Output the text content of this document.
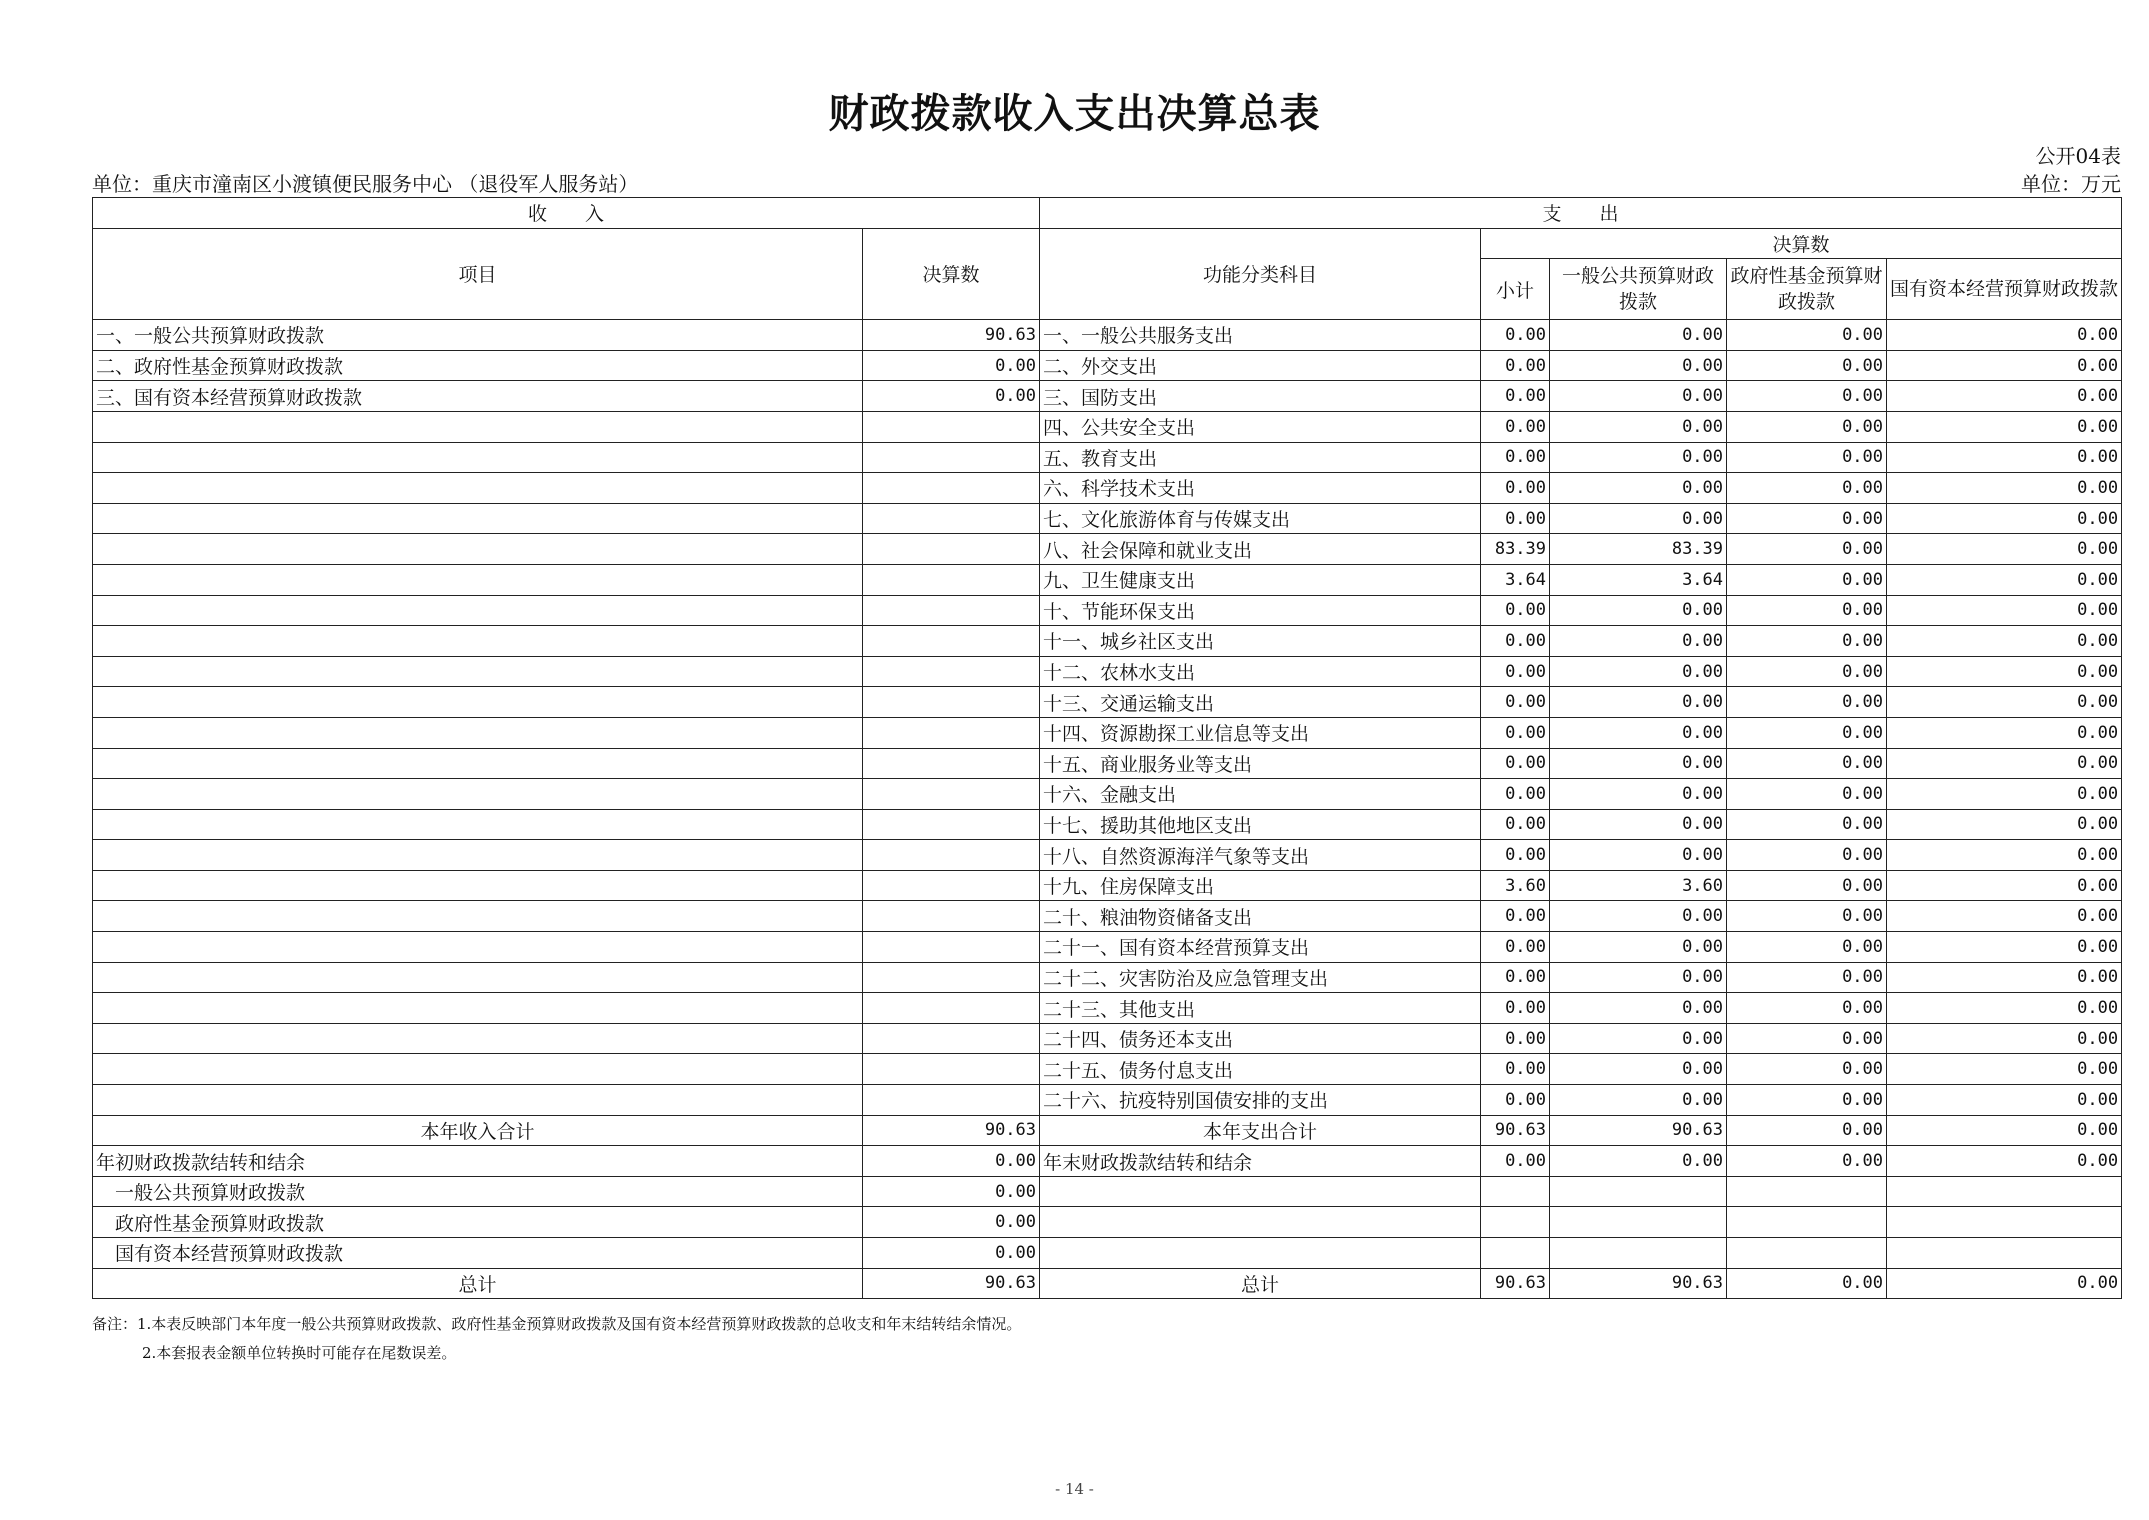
财政拨款收入支出决算总表
公开04表
单位：重庆市潼南区小渡镇便民服务中心 （退役军人服务站）	单位：万元
收　　入		支　　出				
项目	决算数	功能分类科目	决算数			
			小计	一般公共预算财政拨款	政府性基金预算财政拨款	国有资本经营预算财政拨款
一、一般公共预算财政拨款	90.63	一、一般公共服务支出	0.00	0.00	0.00	0.00
二、政府性基金预算财政拨款	0.00	二、外交支出	0.00	0.00	0.00	0.00
三、国有资本经营预算财政拨款	0.00	三、国防支出	0.00	0.00	0.00	0.00
		四、公共安全支出	0.00	0.00	0.00	0.00
		五、教育支出	0.00	0.00	0.00	0.00
		六、科学技术支出	0.00	0.00	0.00	0.00
		七、文化旅游体育与传媒支出	0.00	0.00	0.00	0.00
		八、社会保障和就业支出	83.39	83.39	0.00	0.00
		九、卫生健康支出	3.64	3.64	0.00	0.00
		十、节能环保支出	0.00	0.00	0.00	0.00
		十一、城乡社区支出	0.00	0.00	0.00	0.00
		十二、农林水支出	0.00	0.00	0.00	0.00
		十三、交通运输支出	0.00	0.00	0.00	0.00
		十四、资源勘探工业信息等支出	0.00	0.00	0.00	0.00
		十五、商业服务业等支出	0.00	0.00	0.00	0.00
		十六、金融支出	0.00	0.00	0.00	0.00
		十七、援助其他地区支出	0.00	0.00	0.00	0.00
		十八、自然资源海洋气象等支出	0.00	0.00	0.00	0.00
		十九、住房保障支出	3.60	3.60	0.00	0.00
		二十、粮油物资储备支出	0.00	0.00	0.00	0.00
		二十一、国有资本经营预算支出	0.00	0.00	0.00	0.00
		二十二、灾害防治及应急管理支出	0.00	0.00	0.00	0.00
		二十三、其他支出	0.00	0.00	0.00	0.00
		二十四、债务还本支出	0.00	0.00	0.00	0.00
		二十五、债务付息支出	0.00	0.00	0.00	0.00
		二十六、抗疫特别国债安排的支出	0.00	0.00	0.00	0.00
本年收入合计	90.63	本年支出合计	90.63	90.63	0.00	0.00
年初财政拨款结转和结余	0.00	年末财政拨款结转和结余	0.00	0.00	0.00	0.00
一般公共预算财政拨款	0.00					
政府性基金预算财政拨款	0.00					
国有资本经营预算财政拨款	0.00					
总计	90.63	总计	90.63	90.63	0.00	0.00
备注：1.本表反映部门本年度一般公共预算财政拨款、政府性基金预算财政拨款及国有资本经营预算财政拨款的总收支和年末结转结余情况。
2.本套报表金额单位转换时可能存在尾数误差。
- 14 -
